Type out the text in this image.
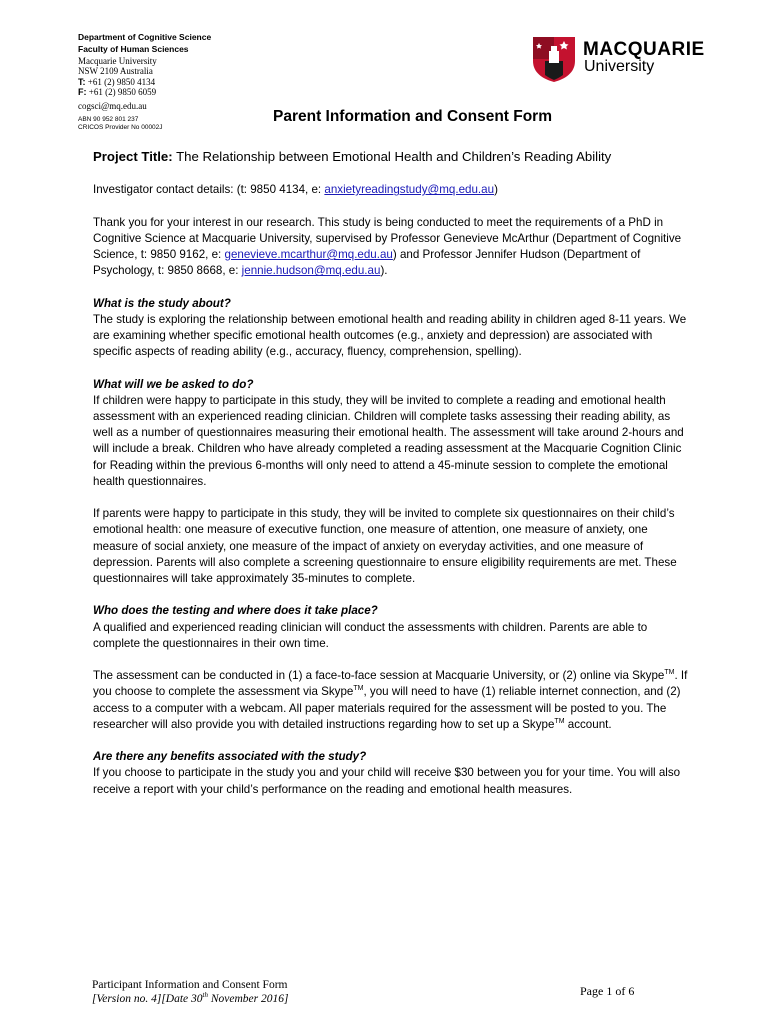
Department of Cognitive Science
Faculty of Human Sciences
Macquarie University
NSW 2109 Australia
T: +61 (2) 9850 4134
F: +61 (2) 9850 6059
cogsci@mq.edu.au
ABN 90 952 801 237
CRICOS Provider No 00002J
MACQUARIE
University
Parent Information and Consent Form

Project Title: The Relationship between Emotional Health and Children’s Reading Ability

Investigator contact details: (t: 9850 4134, e: anxietyreadingstudy@mq.edu.au)

Thank you for your interest in our research. This study is being conducted to meet the requirements of a PhD in Cognitive Science at Macquarie University, supervised by Professor Genevieve McArthur (Department of Cognitive Science, t: 9850 9162, e: genevieve.mcarthur@mq.edu.au) and Professor Jennifer Hudson (Department of Psychology, t: 9850 8668, e: jennie.hudson@mq.edu.au).

What is the study about?
The study is exploring the relationship between emotional health and reading ability in children aged 8-11 years. We are examining whether specific emotional health outcomes (e.g., anxiety and depression) are associated with specific aspects of reading ability (e.g., accuracy, fluency, comprehension, spelling).

What will we be asked to do?
If children were happy to participate in this study, they will be invited to complete a reading and emotional health assessment with an experienced reading clinician. Children will complete tasks assessing their reading ability, as well as a number of questionnaires measuring their emotional health. The assessment will take around 2-hours and will include a break. Children who have already completed a reading assessment at the Macquarie Cognition Clinic for Reading within the previous 6-months will only need to attend a 45-minute session to complete the emotional health questionnaires.

If parents were happy to participate in this study, they will be invited to complete six questionnaires on their child’s emotional health: one measure of executive function, one measure of attention, one measure of anxiety, one measure of social anxiety, one measure of the impact of anxiety on everyday activities, and one measure of depression. Parents will also complete a screening questionnaire to ensure eligibility requirements are met. These questionnaires will take approximately 35-minutes to complete.

Who does the testing and where does it take place?
A qualified and experienced reading clinician will conduct the assessments with children. Parents are able to complete the questionnaires in their own time.

The assessment can be conducted in (1) a face-to-face session at Macquarie University, or (2) online via Skype™. If you choose to complete the assessment via Skype™, you will need to have (1) reliable internet connection, and (2) access to a computer with a webcam. All paper materials required for the assessment will be posted to you. The researcher will also provide you with detailed instructions regarding how to set up a Skype™ account.

Are there any benefits associated with the study?
If you choose to participate in the study you and your child will receive $30 between you for your time. You will also receive a report with your child’s performance on the reading and emotional health measures.

Participant Information and Consent Form
[Version no. 4][Date 30th November 2016]
Page 1 of 6
